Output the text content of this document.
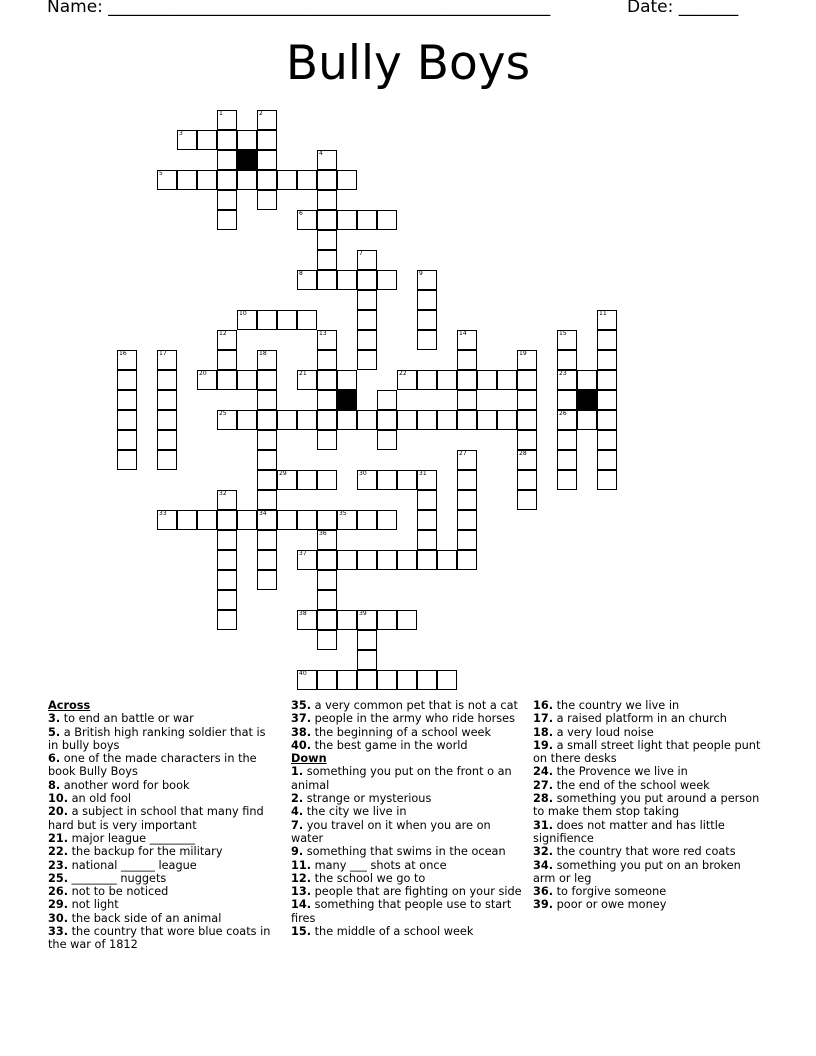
Name: ____________________________________________________	Date: _______
Bully Boys
3
5
6
8
10
20	21	22	23
25	26
29	30	31
33	34	35
37
38	39
40
1	2
4
7
9
11
12	13	14	15
16	17	18	19
28
27
32
36
Across
3. to end an battle or war
5. a British high ranking soldier that is in bully boys
6. one of the made characters in the book Bully Boys
8. another word for book
10. an old fool
20. a subject in school that many find hard but is very important
21. major league ________
22. the backup for the military
23. national ______ league
25. ________ nuggets
26. not to be noticed
29. not light
30. the back side of an animal
33. the country that wore blue coats in the war of 1812
35. a very common pet that is not a cat
37. people in the army who ride horses
38. the beginning of a school week
40. the best game in the world
Down
1. something you put on the front o an animal
2. strange or mysterious
4. the city we live in
7. you travel on it when you are on water
9. something that swims in the ocean
11. many ___ shots at once
12. the school we go to
13. people that are fighting on your side
14. something that people use to start fires
15. the middle of a school week
16. the country we live in
17. a raised platform in an church
18. a very loud noise
19. a small street light that people punt on there desks
24. the Provence we live in
27. the end of the school week
28. something you put around a person to make them stop taking
31. does not matter and has little signifience
32. the country that wore red coats
34. something you put on an broken arm or leg
36. to forgive someone
39. poor or owe money
